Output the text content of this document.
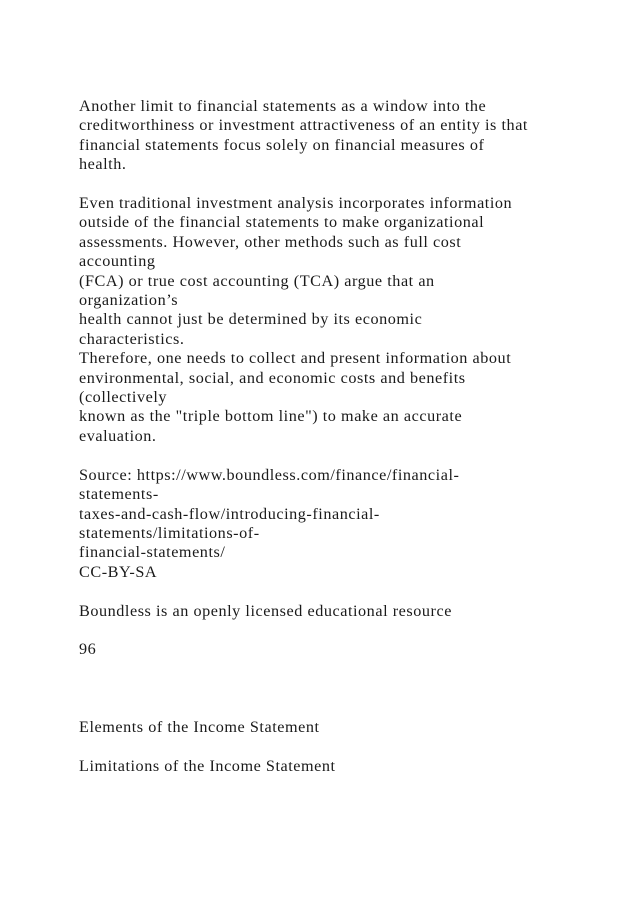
Another limit to financial statements as a window into the

creditworthiness or investment attractiveness of an entity is that

financial statements focus solely on financial measures of

health.

Even traditional investment analysis incorporates information

outside of the financial statements to make organizational

assessments. However, other methods such as full cost

accounting

(FCA) or true cost accounting (TCA) argue that an

organization’s

health cannot just be determined by its economic

characteristics.

Therefore, one needs to collect and present information about

environmental, social, and economic costs and benefits

(collectively

known as the "triple bottom line") to make an accurate

evaluation.

Source: https://www.boundless.com/finance/financial-

statements-

taxes-and-cash-flow/introducing-financial-

statements/limitations-of-

financial-statements/

CC-BY-SA

Boundless is an openly licensed educational resource

96

Elements of the Income Statement

Limitations of the Income Statement
